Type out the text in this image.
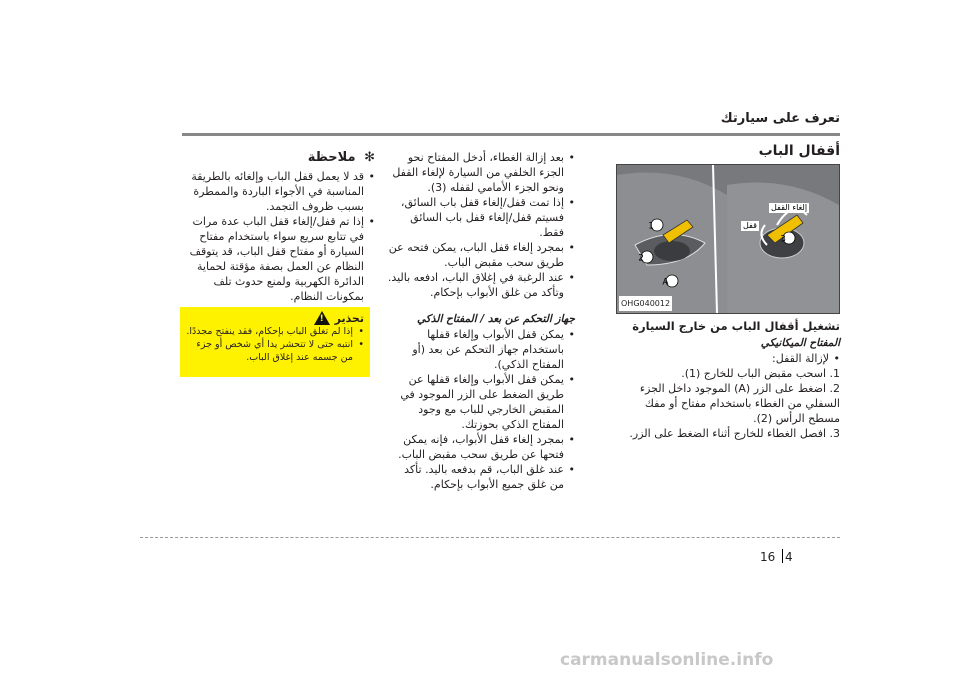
تعرف على سيارتك
أقفال الباب
1
2
3
A
قفل
إلغاء القفل
OHG040012
تشغيل أقفال الباب من خارج السيارة
المفتاح الميكانيكي

• لإزالة القفل:

1. اسحب مقبض الباب للخارج (1).

2. اضغط على الزر (A) الموجود داخل الجزء السفلي من الغطاء باستخدام مفتاح أو مفك مسطح الرأس (2).

3. افصل الغطاء للخارج أثناء الضغط على الزر.

• بعد إزالة الغطاء، أدخل المفتاح نحو الجزء الخلفي من السيارة لإلغاء القفل ونحو الجزء الأمامي لقفله (3).

• إذا تمت قفل/إلغاء قفل باب السائق، فسيتم قفل/إلغاء قفل باب السائق فقط.

• بمجرد إلغاء قفل الباب، يمكن فتحه عن طريق سحب مقبض الباب.

• عند الرغبة في إغلاق الباب، ادفعه باليد. وتأكد من غلق الأبواب بإحكام.

جهاز التحكم عن بعد / المفتاح الذكي

• يمكن قفل الأبواب وإلغاء قفلها باستخدام جهاز التحكم عن بعد (أو المفتاح الذكي).

• يمكن قفل الأبواب وإلغاء قفلها عن طريق الضغط على الزر الموجود في المقبض الخارجي للباب مع وجود المفتاح الذكي بحوزتك.

• بمجرد إلغاء قفل الأبواب، فإنه يمكن فتحها عن طريق سحب مقبض الباب.

• عند غلق الباب، قم بدفعه باليد. تأكد من غلق جميع الأبواب بإحكام.

✻ ملاحظة

• قد لا يعمل قفل الباب وإلغائه بالطريقة المناسبة في الأجواء الباردة والممطرة بسبب ظروف التجمد.

• إذا تم قفل/إلغاء قفل الباب عدة مرات في تتابع سريع سواء باستخدام مفتاح السيارة أو مفتاح قفل الباب، قد يتوقف النظام عن العمل بصفة مؤقتة لحماية الدائرة الكهربية ولمنع حدوث تلف بمكونات النظام.

تحذير
!

• إذا لم تغلق الباب بإحكام، فقد ينفتح مجددًا.

• انتبه حتى لا تتحشر يدا أي شخص أو جزء من جسمه عند إغلاق الباب.

4
16
carmanualsonline.info
